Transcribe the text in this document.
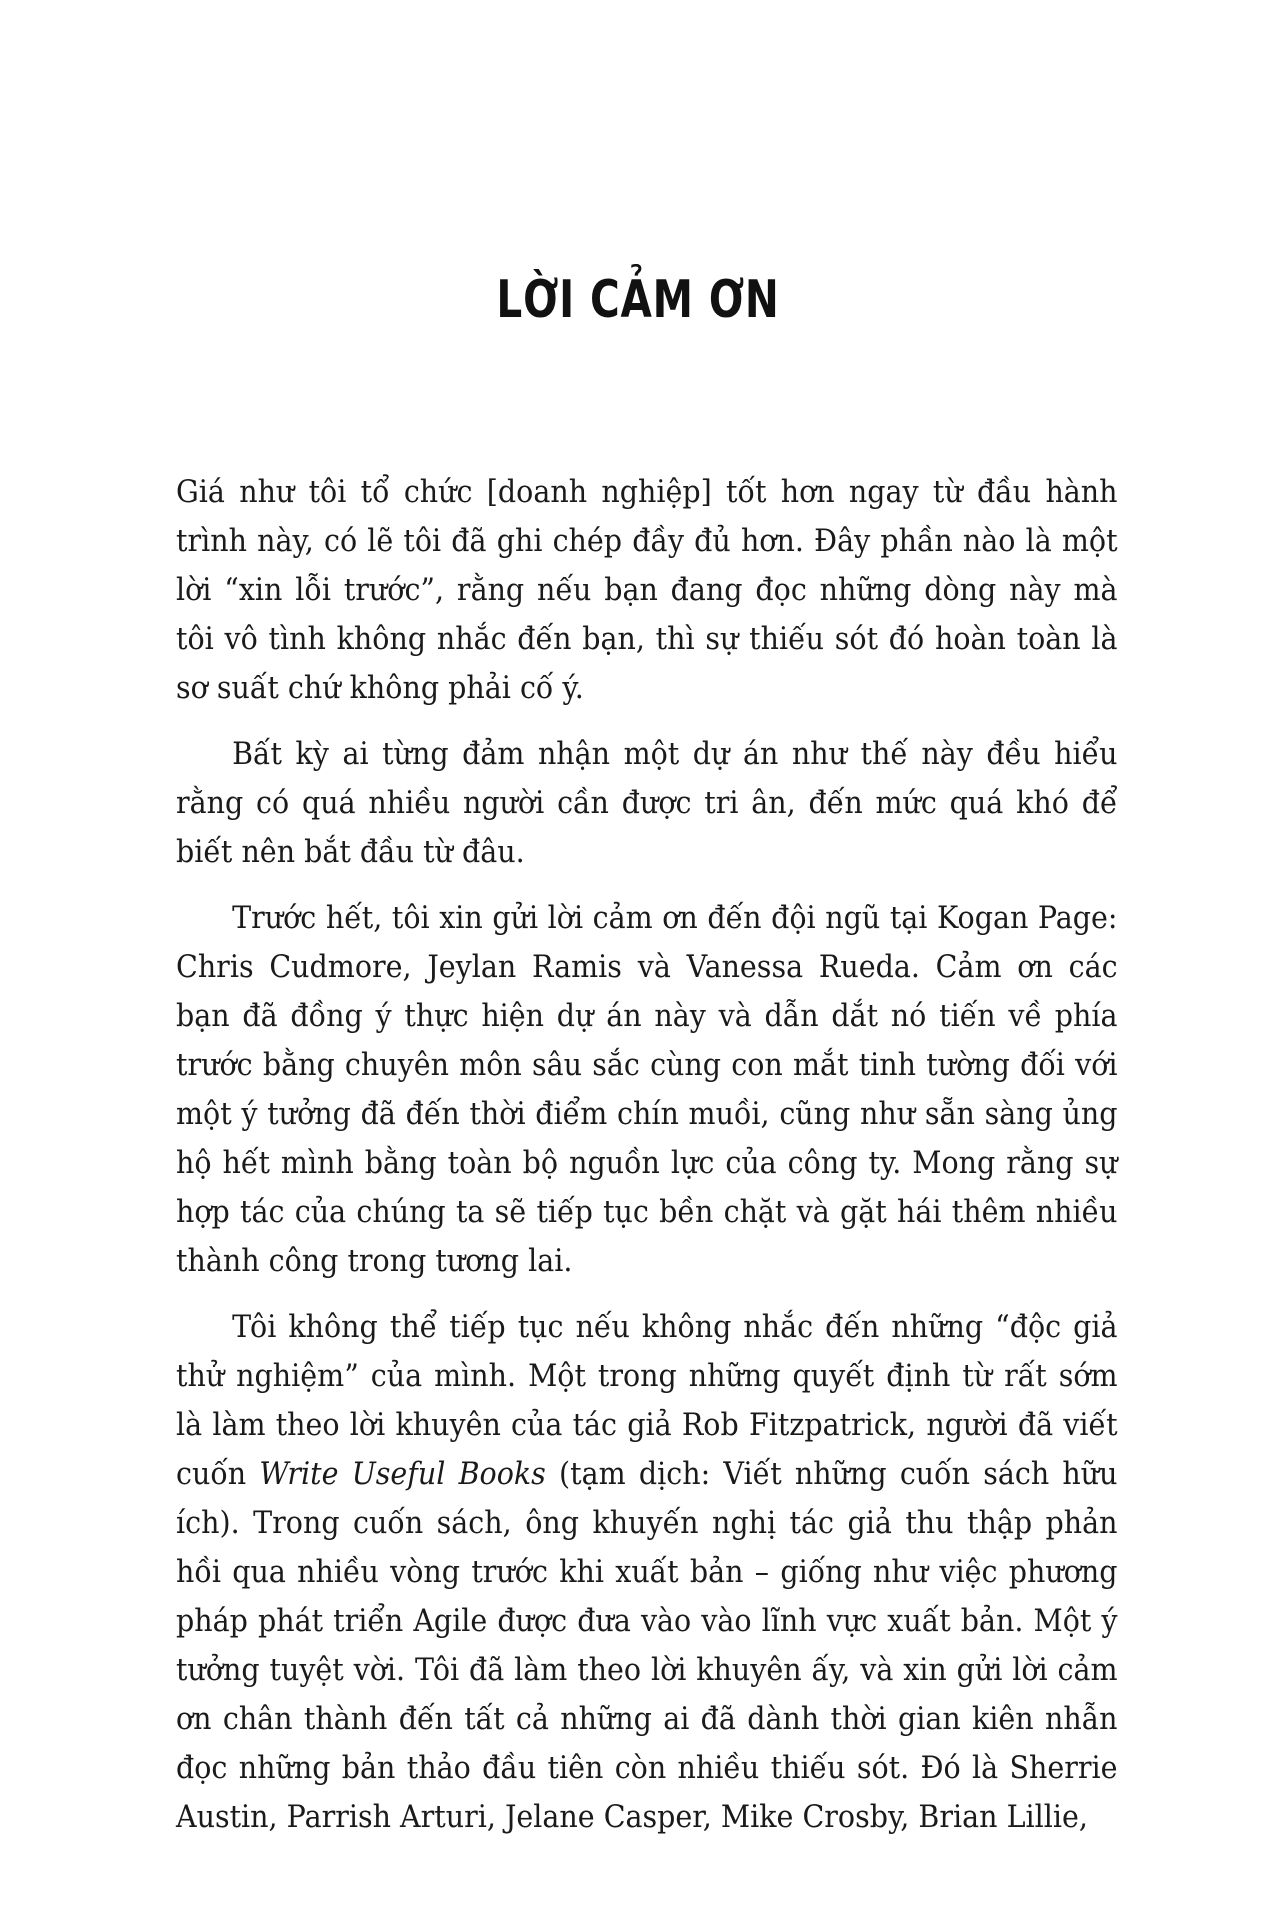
LỜI CẢM ƠN

Giá như tôi tổ chức [doanh nghiệp] tốt hơn ngay từ đầu hành trình này, có lẽ tôi đã ghi chép đầy đủ hơn. Đây phần nào là một lời “xin lỗi trước”, rằng nếu bạn đang đọc những dòng này mà tôi vô tình không nhắc đến bạn, thì sự thiếu sót đó hoàn toàn là sơ suất chứ không phải cố ý.

Bất kỳ ai từng đảm nhận một dự án như thế này đều hiểu rằng có quá nhiều người cần được tri ân, đến mức quá khó để biết nên bắt đầu từ đâu.

Trước hết, tôi xin gửi lời cảm ơn đến đội ngũ tại Kogan Page: Chris Cudmore, Jeylan Ramis và Vanessa Rueda. Cảm ơn các bạn đã đồng ý thực hiện dự án này và dẫn dắt nó tiến về phía trước bằng chuyên môn sâu sắc cùng con mắt tinh tường đối với một ý tưởng đã đến thời điểm chín muồi, cũng như sẵn sàng ủng hộ hết mình bằng toàn bộ nguồn lực của công ty. Mong rằng sự hợp tác của chúng ta sẽ tiếp tục bền chặt và gặt hái thêm nhiều thành công trong tương lai.

Tôi không thể tiếp tục nếu không nhắc đến những “độc giả thử nghiệm” của mình. Một trong những quyết định từ rất sớm là làm theo lời khuyên của tác giả Rob Fitzpatrick, người đã viết cuốn Write Useful Books (tạm dịch: Viết những cuốn sách hữu ích). Trong cuốn sách, ông khuyến nghị tác giả thu thập phản hồi qua nhiều vòng trước khi xuất bản – giống như việc phương pháp phát triển Agile được đưa vào vào lĩnh vực xuất bản. Một ý tưởng tuyệt vời. Tôi đã làm theo lời khuyên ấy, và xin gửi lời cảm ơn chân thành đến tất cả những ai đã dành thời gian kiên nhẫn đọc những bản thảo đầu tiên còn nhiều thiếu sót. Đó là Sherrie Austin, Parrish Arturi, Jelane Casper, Mike Crosby, Brian Lillie,
